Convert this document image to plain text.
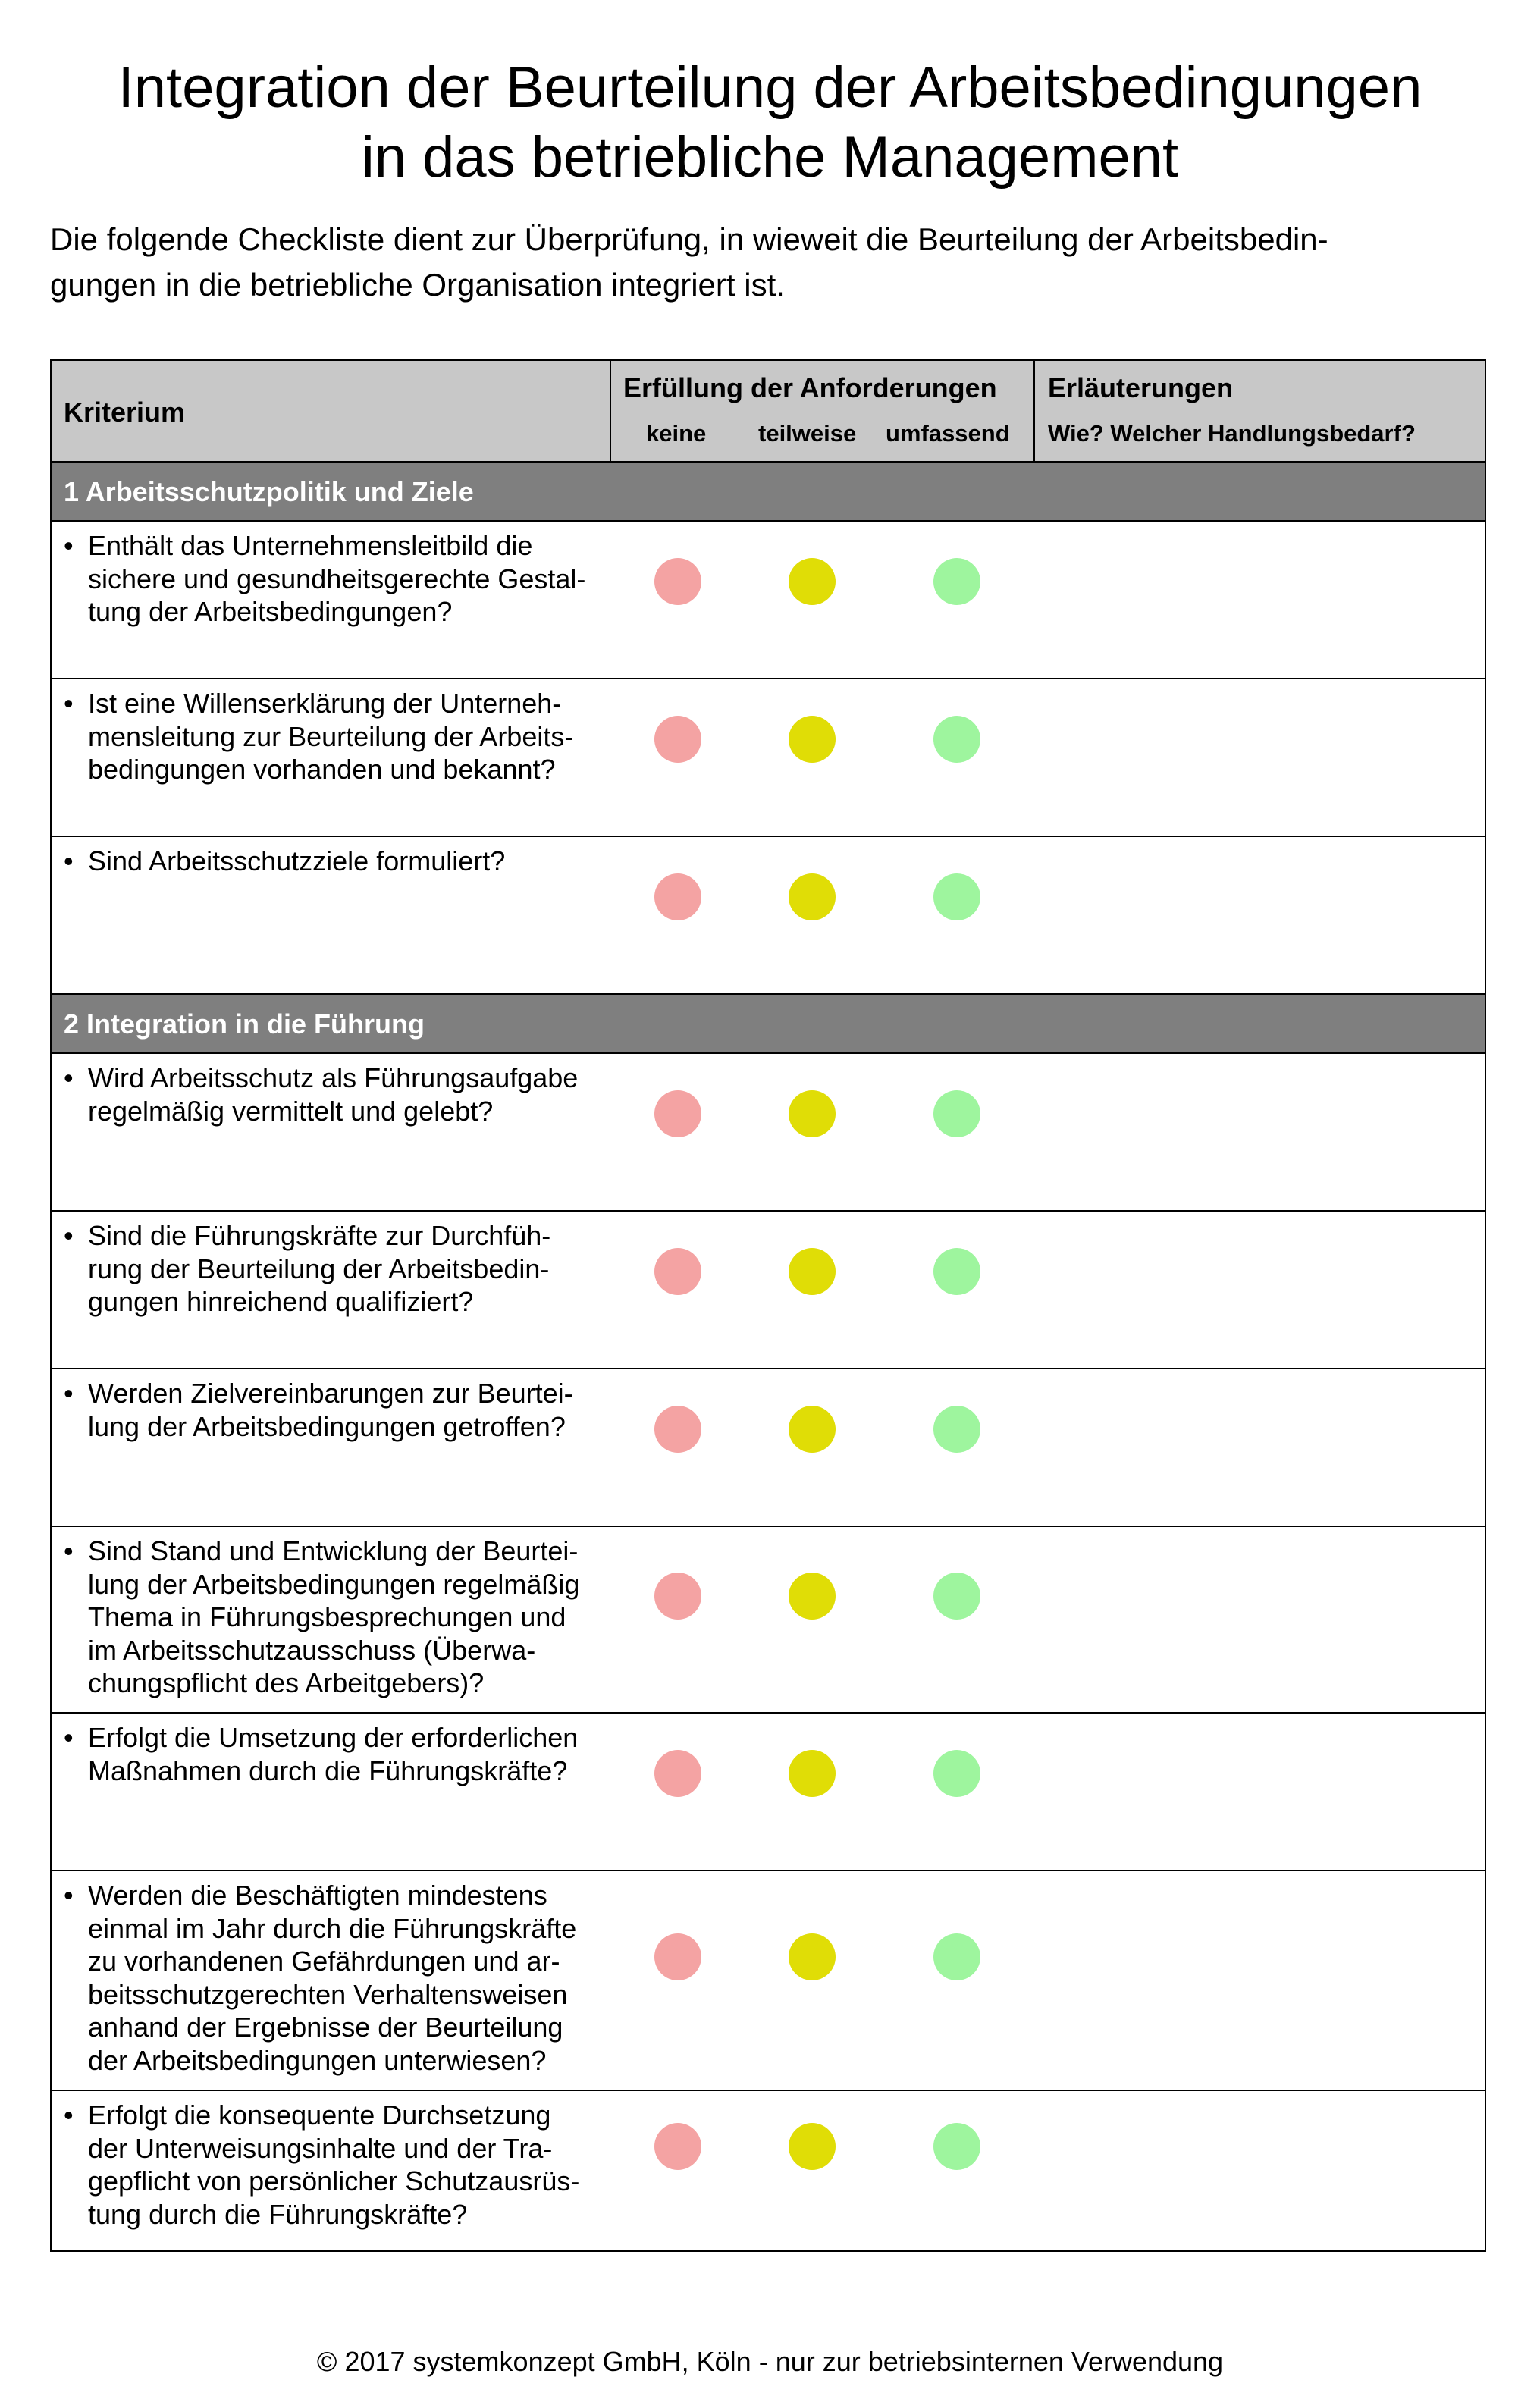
Integration der Beurteilung der Arbeitsbedingungen
in das betriebliche Management
Die folgende Checkliste dient zur Überprüfung, in wieweit die Beurteilung der Arbeitsbedin-
gungen in die betriebliche Organisation integriert ist.
Kriterium
Erfüllung der Anforderungen
keine teilweise umfassend
Erläuterungen
Wie? Welcher Handlungsbedarf?
1 Arbeitsschutzpolitik und Ziele
• Enthält das Unternehmensleitbild die
sichere und gesundheitsgerechte Gestal-
tung der Arbeitsbedingungen?
• Ist eine Willenserklärung der Unterneh-
mensleitung zur Beurteilung der Arbeits-
bedingungen vorhanden und bekannt?
• Sind Arbeitsschutzziele formuliert?
2 Integration in die Führung
• Wird Arbeitsschutz als Führungsaufgabe
regelmäßig vermittelt und gelebt?
• Sind die Führungskräfte zur Durchfüh-
rung der Beurteilung der Arbeitsbedin-
gungen hinreichend qualifiziert?
• Werden Zielvereinbarungen zur Beurtei-
lung der Arbeitsbedingungen getroffen?
• Sind Stand und Entwicklung der Beurtei-
lung der Arbeitsbedingungen regelmäßig
Thema in Führungsbesprechungen und
im Arbeitsschutzausschuss (Überwa-
chungspflicht des Arbeitgebers)?
• Erfolgt die Umsetzung der erforderlichen
Maßnahmen durch die Führungskräfte?
• Werden die Beschäftigten mindestens
einmal im Jahr durch die Führungskräfte
zu vorhandenen Gefährdungen und ar-
beitsschutzgerechten Verhaltensweisen
anhand der Ergebnisse der Beurteilung
der Arbeitsbedingungen unterwiesen?
• Erfolgt die konsequente Durchsetzung
der Unterweisungsinhalte und der Tra-
gepflicht von persönlicher Schutzausrüs-
tung durch die Führungskräfte?
© 2017 systemkonzept GmbH, Köln - nur zur betriebsinternen Verwendung
